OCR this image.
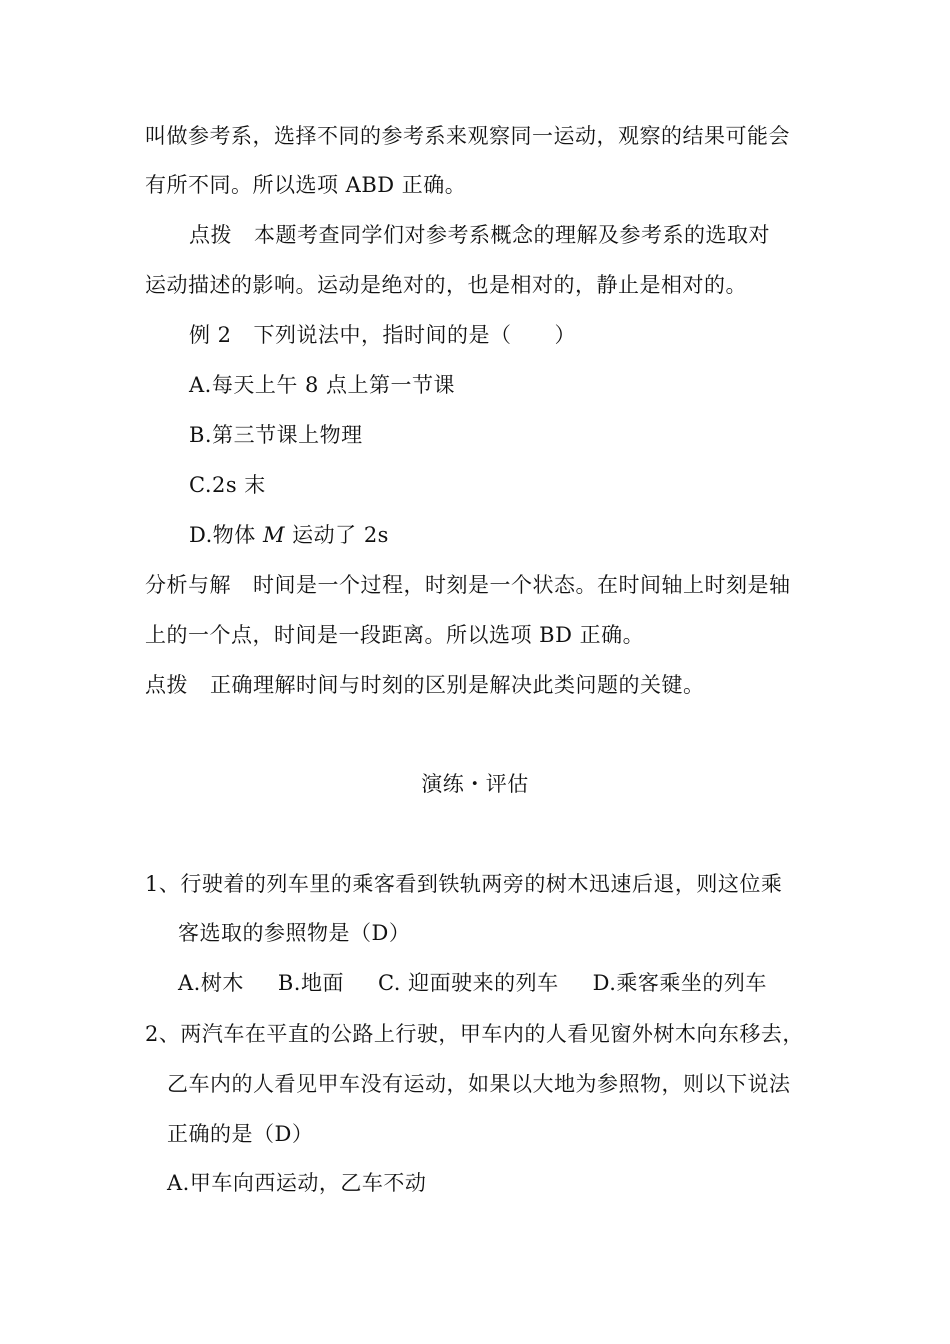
叫做参考系，选择不同的参考系来观察同一运动，观察的结果可能会
有所不同。所以选项 ABD 正确。
点拨 本题考查同学们对参考系概念的理解及参考系的选取对
运动描述的影响。运动是绝对的，也是相对的，静止是相对的。
例 2 下列说法中，指时间的是（　　）
A.每天上午 8 点上第一节课
B.第三节课上物理
C.2s 末
D.物体 M 运动了 2s
分析与解 时间是一个过程，时刻是一个状态。在时间轴上时刻是轴
上的一个点，时间是一段距离。所以选项 BD 正确。
点拨 正确理解时间与时刻的区别是解决此类问题的关键。
演练・评估
1、行驶着的列车里的乘客看到铁轨两旁的树木迅速后退，则这位乘
客选取的参照物是（D）
A.树木 B.地面 C. 迎面驶来的列车 D.乘客乘坐的列车
2、两汽车在平直的公路上行驶，甲车内的人看见窗外树木向东移去，
乙车内的人看见甲车没有运动，如果以大地为参照物，则以下说法
正确的是（D）
A.甲车向西运动，乙车不动
